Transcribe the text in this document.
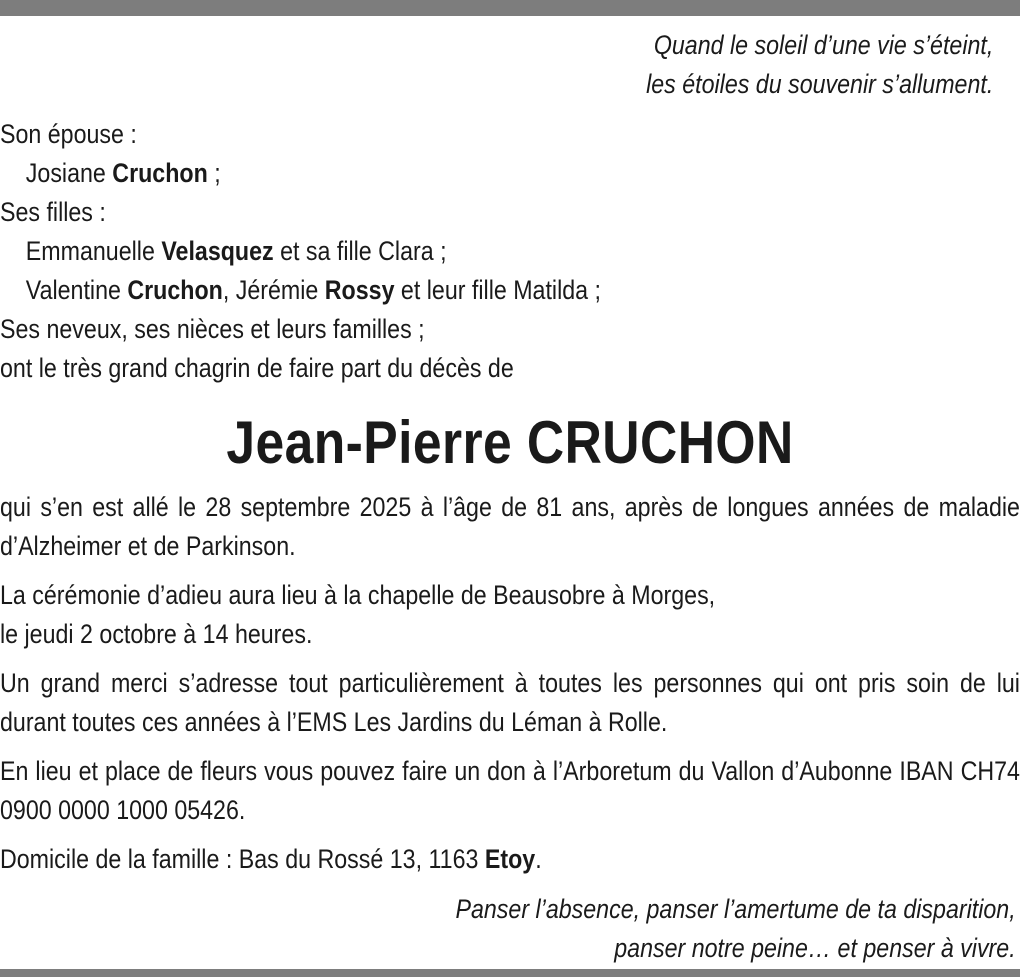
Quand le soleil d’une vie s’éteint,
les étoiles du souvenir s’allument.
Son épouse :
Josiane Cruchon ;
Ses filles :
Emmanuelle Velasquez et sa fille Clara ;
Valentine Cruchon, Jérémie Rossy et leur fille Matilda ;
Ses neveux, ses nièces et leurs familles ;
ont le très grand chagrin de faire part du décès de
Jean-Pierre CRUCHON
qui s’en est allé le 28 septembre 2025 à l’âge de 81 ans, après de longues années de maladie d’Alzheimer et de Parkinson.
La cérémonie d’adieu aura lieu à la chapelle de Beausobre à Morges,
le jeudi 2 octobre à 14 heures.
Un grand merci s’adresse tout particulièrement à toutes les personnes qui ont pris soin de lui durant toutes ces années à l’EMS Les Jardins du Léman à Rolle.
En lieu et place de fleurs vous pouvez faire un don à l’Arboretum du Vallon d’Aubonne IBAN CH74 0900 0000 1000 05426.
Domicile de la famille : Bas du Rossé 13, 1163 Etoy.
Panser l’absence, panser l’amertume de ta disparition,
panser notre peine… et penser à vivre.
